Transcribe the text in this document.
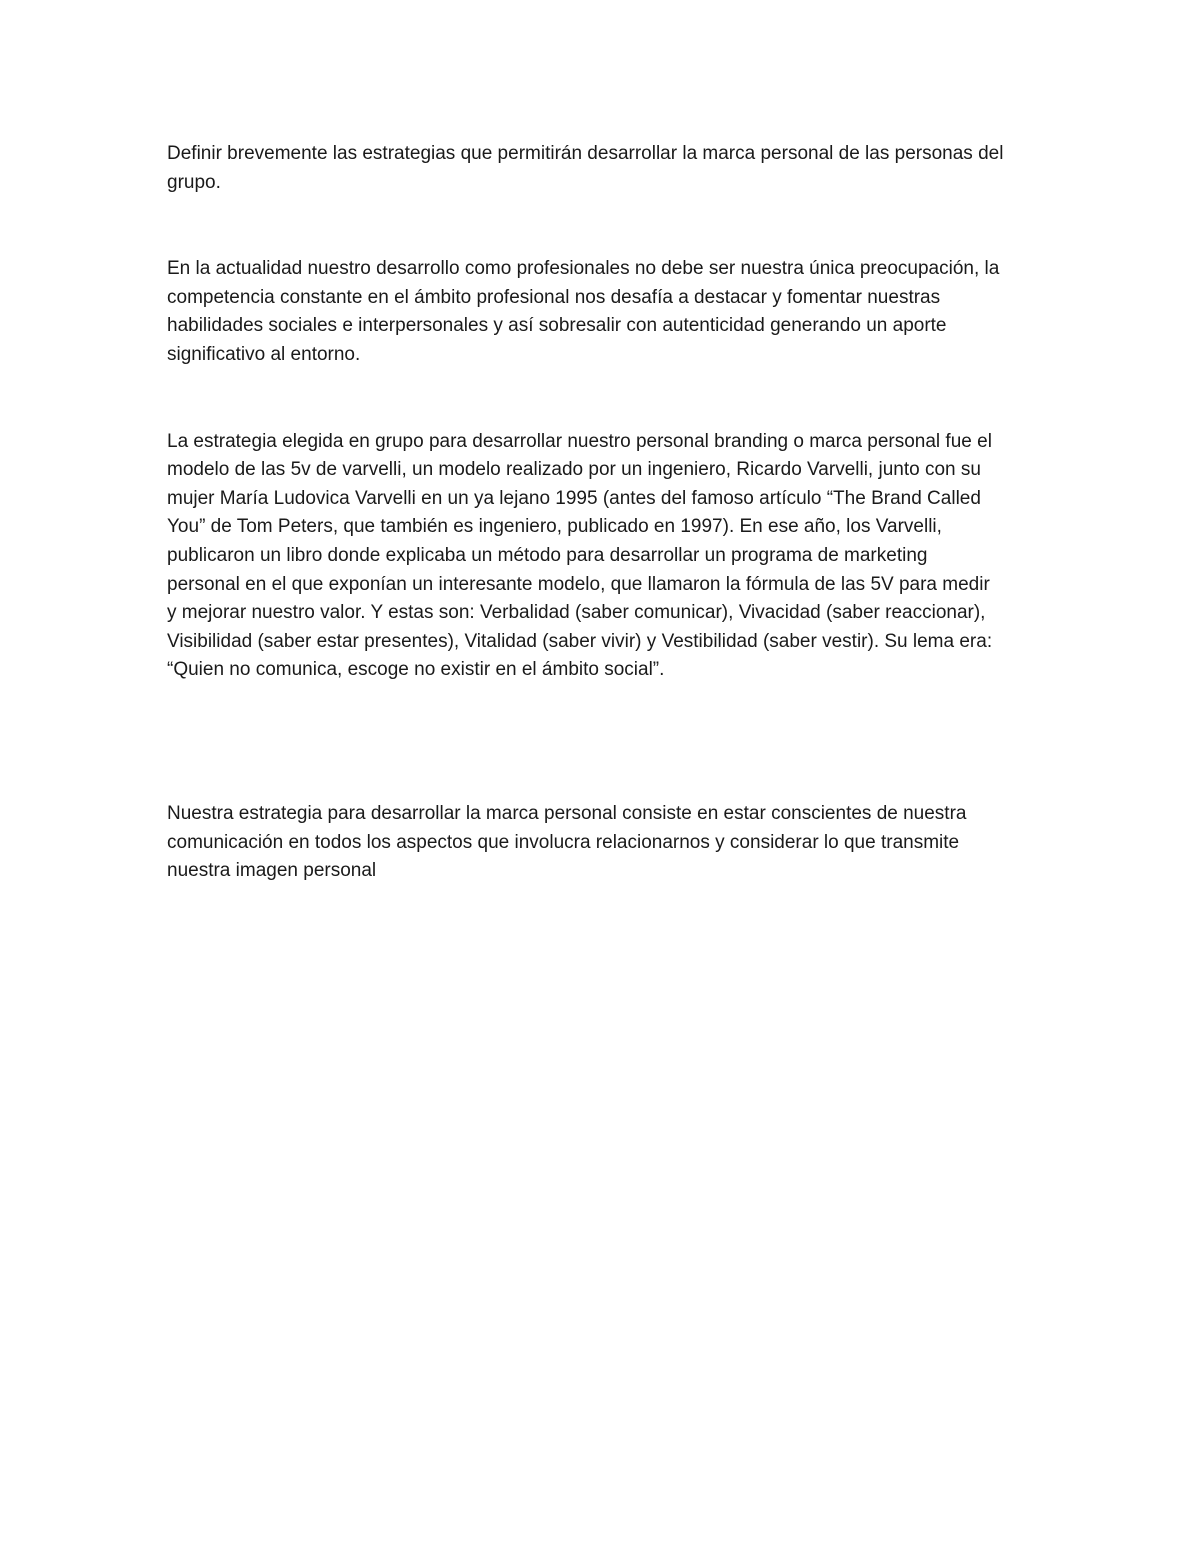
Definir brevemente las estrategias que permitirán desarrollar la marca personal de las personas del
grupo.

En la actualidad nuestro desarrollo como profesionales no debe ser nuestra única preocupación, la
competencia constante en el ámbito profesional nos desafía a destacar y fomentar nuestras
habilidades sociales e interpersonales y así sobresalir con autenticidad generando un aporte
significativo al entorno.

La estrategia elegida en grupo para desarrollar nuestro personal branding o marca personal fue el
modelo de las 5v de varvelli, un modelo realizado por un ingeniero, Ricardo Varvelli, junto con su
mujer María Ludovica Varvelli en un ya lejano 1995 (antes del famoso artículo “The Brand Called
You” de Tom Peters, que también es ingeniero, publicado en 1997). En ese año, los Varvelli,
publicaron un libro donde explicaba un método para desarrollar un programa de marketing
personal en el que exponían un interesante modelo, que llamaron la fórmula de las 5V para medir
y mejorar nuestro valor. Y estas son: Verbalidad (saber comunicar), Vivacidad (saber reaccionar),
Visibilidad (saber estar presentes), Vitalidad (saber vivir) y Vestibilidad (saber vestir). Su lema era:
“Quien no comunica, escoge no existir en el ámbito social”.

Nuestra estrategia para desarrollar la marca personal consiste en estar conscientes de nuestra
comunicación en todos los aspectos que involucra relacionarnos y considerar lo que transmite
nuestra imagen personal
